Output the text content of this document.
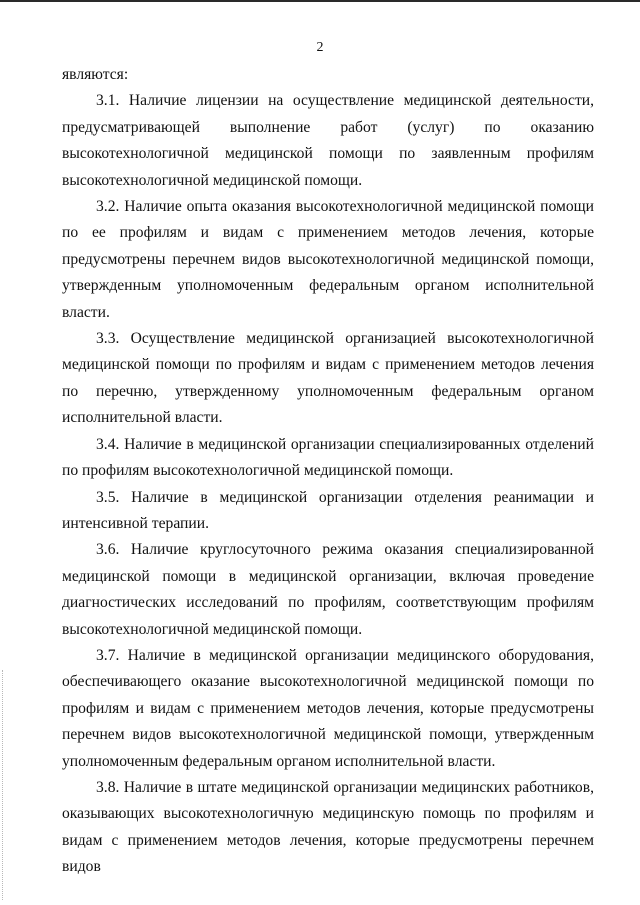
2

являются:

3.1. Наличие лицензии на осуществление медицинской деятельности, предусматривающей выполнение работ (услуг) по оказанию высокотехнологичной медицинской помощи по заявленным профилям высокотехнологичной медицинской помощи.

3.2. Наличие опыта оказания высокотехнологичной медицинской помощи по ее профилям и видам с применением методов лечения, которые предусмотрены перечнем видов высокотехнологичной медицинской помощи, утвержденным уполномоченным федеральным органом исполнительной власти.

3.3. Осуществление медицинской организацией высокотехнологичной медицинской помощи по профилям и видам с применением методов лечения по перечню, утвержденному уполномоченным федеральным органом исполнительной власти.

3.4. Наличие в медицинской организации специализированных отделений по профилям высокотехнологичной медицинской помощи.

3.5. Наличие в медицинской организации отделения реанимации и интенсивной терапии.

3.6. Наличие круглосуточного режима оказания специализированной медицинской помощи в медицинской организации, включая проведение диагностических исследований по профилям, соответствующим профилям высокотехнологичной медицинской помощи.

3.7. Наличие в медицинской организации медицинского оборудования, обеспечивающего оказание высокотехнологичной медицинской помощи по профилям и видам с применением методов лечения, которые предусмотрены перечнем видов высокотехнологичной медицинской помощи, утвержденным уполномоченным федеральным органом исполнительной власти.

3.8. Наличие в штате медицинской организации медицинских работников, оказывающих высокотехнологичную медицинскую помощь по профилям и видам с применением методов лечения, которые предусмотрены перечнем видов
